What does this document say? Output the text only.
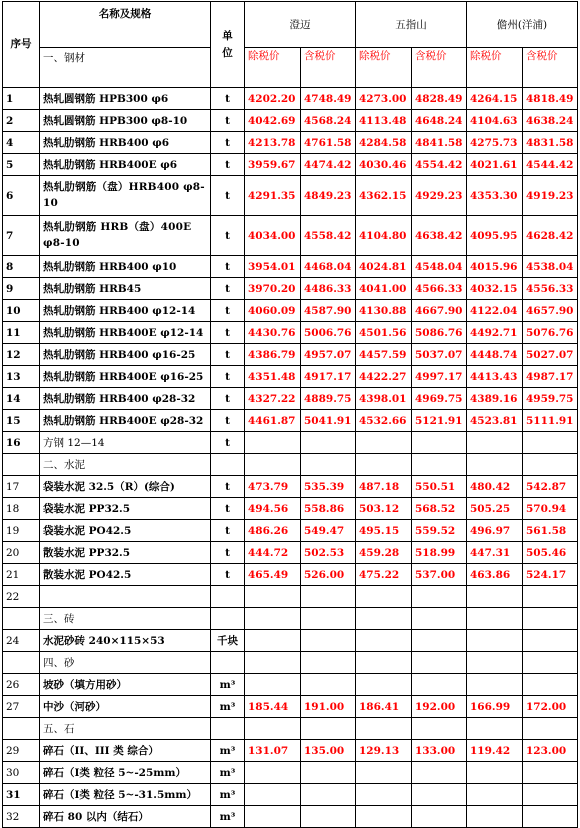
序号	名称及规格	单位	澄迈		五指山		儋州(洋浦)	
	一、钢材		除税价	含税价	除税价	含税价	除税价	含税价
1	热轧圆钢筋 HPB300 φ6	t	4202.20	4748.49	4273.00	4828.49	4264.15	4818.49
2	热轧圆钢筋 HPB300 φ8-10	t	4042.69	4568.24	4113.48	4648.24	4104.63	4638.24
4	热轧肋钢筋 HRB400 φ6	t	4213.78	4761.58	4284.58	4841.58	4275.73	4831.58
5	热轧肋钢筋 HRB400E φ6	t	3959.67	4474.42	4030.46	4554.42	4021.61	4544.42
6	热轧肋钢筋（盘）HRB400 φ8-10	t	4291.35	4849.23	4362.15	4929.23	4353.30	4919.23
7	热轧肋钢筋 HRB（盘）400E φ8-10	t	4034.00	4558.42	4104.80	4638.42	4095.95	4628.42
8	热轧肋钢筋 HRB400 φ10	t	3954.01	4468.04	4024.81	4548.04	4015.96	4538.04
9	热轧肋钢筋 HRB45	t	3970.20	4486.33	4041.00	4566.33	4032.15	4556.33
10	热轧肋钢筋 HRB400 φ12-14	t	4060.09	4587.90	4130.88	4667.90	4122.04	4657.90
11	热轧肋钢筋 HRB400E φ12-14	t	4430.76	5006.76	4501.56	5086.76	4492.71	5076.76
12	热轧肋钢筋 HRB400 φ16-25	t	4386.79	4957.07	4457.59	5037.07	4448.74	5027.07
13	热轧肋钢筋 HRB400E φ16-25	t	4351.48	4917.17	4422.27	4997.17	4413.43	4987.17
14	热轧肋钢筋 HRB400 φ28-32	t	4327.22	4889.75	4398.01	4969.75	4389.16	4959.75
15	热轧肋钢筋 HRB400E φ28-32	t	4461.87	5041.91	4532.66	5121.91	4523.81	5111.91
16	方钢 12—14	t						
	二、水泥							
17	袋装水泥 32.5（R）(综合)	t	473.79	535.39	487.18	550.51	480.42	542.87
18	袋装水泥 PP32.5	t	494.56	558.86	503.12	568.52	505.25	570.94
19	袋装水泥 PO42.5	t	486.26	549.47	495.15	559.52	496.97	561.58
20	散装水泥 PP32.5	t	444.72	502.53	459.28	518.99	447.31	505.46
21	散装水泥 PO42.5	t	465.49	526.00	475.22	537.00	463.86	524.17
22								
	三、砖							
24	水泥砂砖 240×115×53	千块						
	四、砂							
26	坡砂（填方用砂）	m³						
27	中沙（河砂）	m³	185.44	191.00	186.41	192.00	166.99	172.00
	五、石							
29	碎石（II、III 类 综合）	m³	131.07	135.00	129.13	133.00	119.42	123.00
30	碎石（I类 粒径 5~-25mm）	m³						
31	碎石（I类 粒径 5~-31.5mm）	m³						
32	碎石 80 以内（结石）	m³						
